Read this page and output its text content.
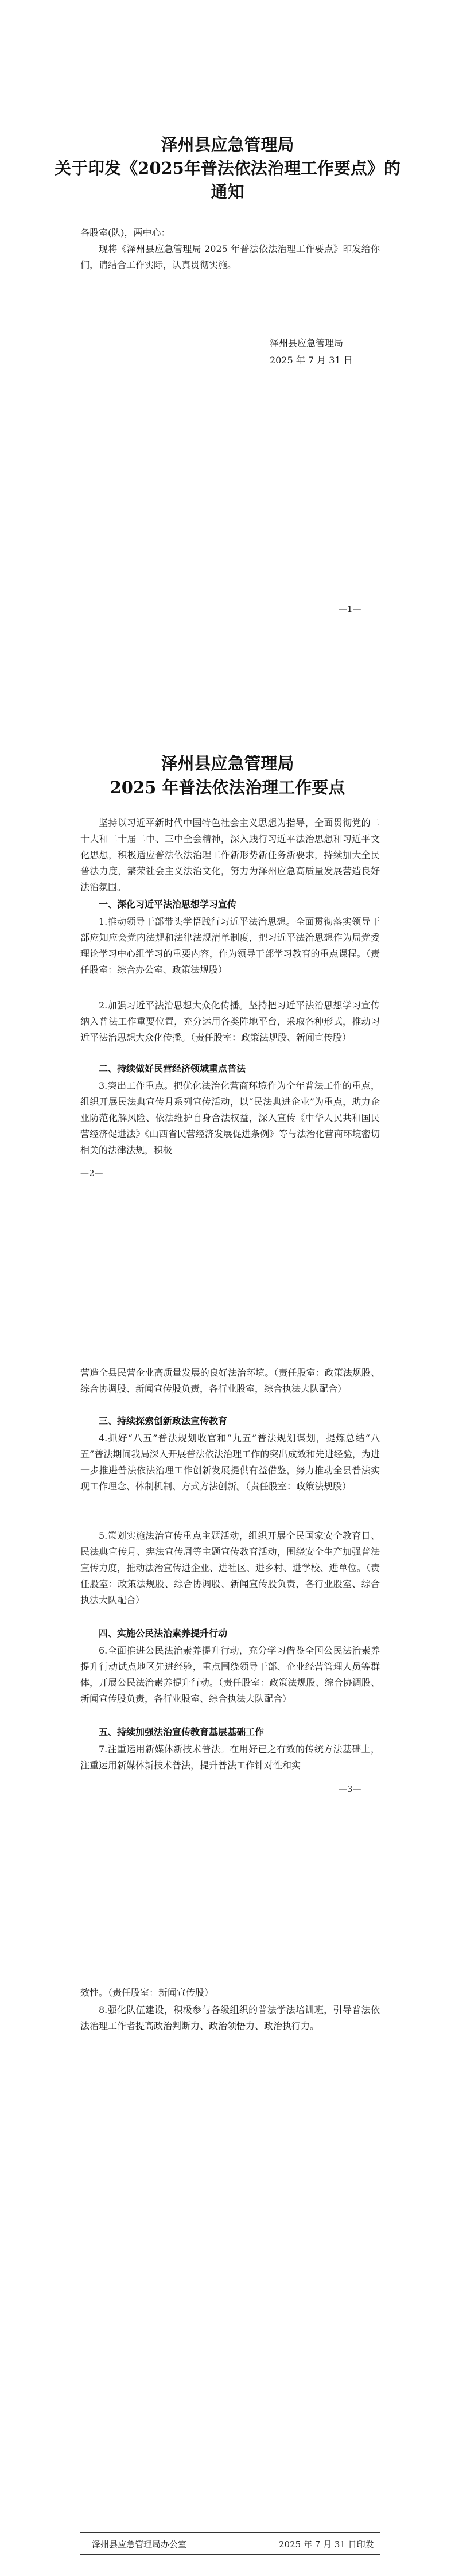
泽州县应急管理局
关于印发《2025年普法依法治理工作要点》的
通知
各股室(队)，两中心：
现将《泽州县应急管理局 2025 年普法依法治理工作要点》印发给你们，请结合工作实际，认真贯彻实施。
泽州县应急管理局
2025 年 7 月 31 日
—1—
泽州县应急管理局
2025 年普法依法治理工作要点
坚持以习近平新时代中国特色社会主义思想为指导，全面贯彻党的二十大和二十届二中、三中全会精神，深入践行习近平法治思想和习近平文化思想，积极适应普法依法治理工作新形势新任务新要求，持续加大全民普法力度，繁荣社会主义法治文化，努力为泽州应急高质量发展营造良好法治氛围。
一、深化习近平法治思想学习宣传
1.推动领导干部带头学悟践行习近平法治思想。全面贯彻落实领导干部应知应会党内法规和法律法规清单制度，把习近平法治思想作为局党委理论学习中心组学习的重要内容，作为领导干部学习教育的重点课程。（责任股室：综合办公室、政策法规股）
2.加强习近平法治思想大众化传播。坚持把习近平法治思想学习宣传纳入普法工作重要位置，充分运用各类阵地平台，采取各种形式，推动习近平法治思想大众化传播。（责任股室：政策法规股、新闻宣传股）
二、持续做好民营经济领域重点普法
3.突出工作重点。把优化法治化营商环境作为全年普法工作的重点，组织开展民法典宣传月系列宣传活动，以“民法典进企业”为重点，助力企业防范化解风险、依法维护自身合法权益，深入宣传《中华人民共和国民营经济促进法》《山西省民营经济发展促进条例》等与法治化营商环境密切相关的法律法规，积极
—2—
营造全县民营企业高质量发展的良好法治环境。（责任股室：政策法规股、综合协调股、新闻宣传股负责，各行业股室，综合执法大队配合）
三、持续探索创新政法宣传教育
4.抓好“八五”普法规划收官和“九五”普法规划谋划，提炼总结“八五”普法期间我局深入开展普法依法治理工作的突出成效和先进经验，为进一步推进普法依法治理工作创新发展提供有益借鉴，努力推动全县普法实现工作理念、体制机制、方式方法创新。（责任股室：政策法规股）
5.策划实施法治宣传重点主题活动，组织开展全民国家安全教育日、民法典宣传月、宪法宣传周等主题宣传教育活动，围绕安全生产加强普法宣传力度，推动法治宣传进企业、进社区、进乡村、进学校、进单位。（责任股室：政策法规股、综合协调股、新闻宣传股负责，各行业股室、综合执法大队配合）
四、实施公民法治素养提升行动
6.全面推进公民法治素养提升行动，充分学习借鉴全国公民法治素养提升行动试点地区先进经验，重点围绕领导干部、企业经营管理人员等群体，开展公民法治素养提升行动。（责任股室：政策法规股、综合协调股、新闻宣传股负责，各行业股室、综合执法大队配合）
五、持续加强法治宣传教育基层基础工作
7.注重运用新媒体新技术普法。在用好已之有效的传统方法基础上，注重运用新媒体新技术普法，提升普法工作针对性和实
—3—
效性。（责任股室：新闻宣传股）
8.强化队伍建设，积极参与各级组织的普法学法培训班，引导普法依法治理工作者提高政治判断力、政治领悟力、政治执行力。
泽州县应急管理局办公室	2025 年 7 月 31 日印发
